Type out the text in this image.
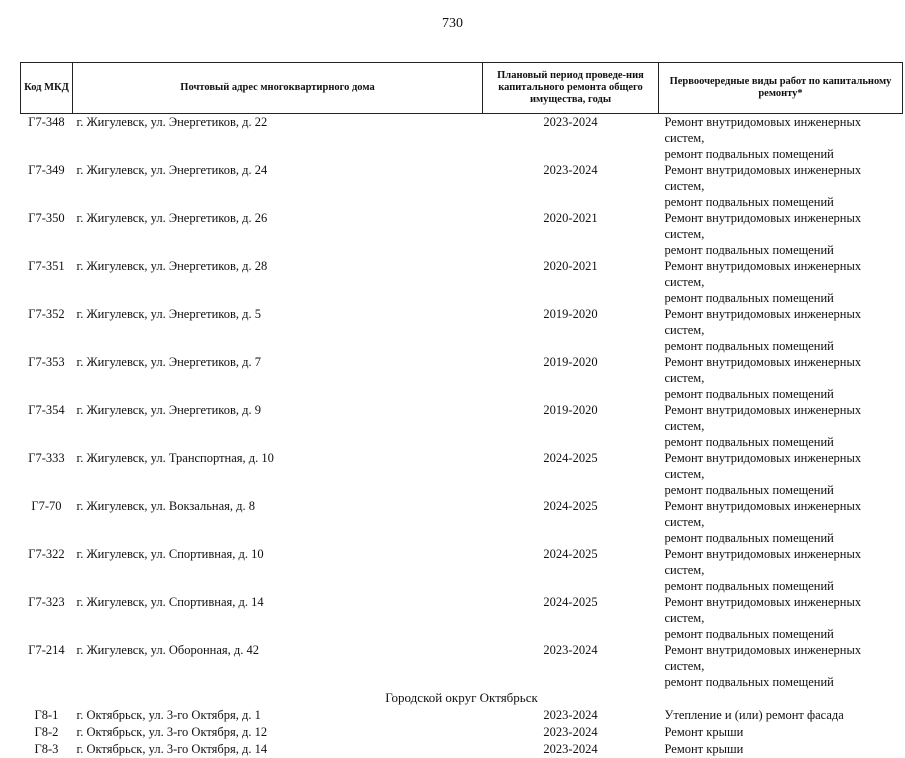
730
Код МКД	Почтовый адрес многоквартирного дома	Плановый период проведе-ния капитального ремонта общего имущества, годы	Первоочередные виды работ по капитальному ремонту*
Г7-348	г. Жигулевск, ул. Энергетиков, д. 22	2023-2024	Ремонт внутридомовых инженерных систем,
ремонт подвальных помещений

Г7-349	г. Жигулевск, ул. Энергетиков, д. 24	2023-2024	Ремонт внутридомовых инженерных систем,
ремонт подвальных помещений

Г7-350	г. Жигулевск, ул. Энергетиков, д. 26	2020-2021	Ремонт внутридомовых инженерных систем,
ремонт подвальных помещений

Г7-351	г. Жигулевск, ул. Энергетиков, д. 28	2020-2021	Ремонт внутридомовых инженерных систем,
ремонт подвальных помещений

Г7-352	г. Жигулевск, ул. Энергетиков, д. 5	2019-2020	Ремонт внутридомовых инженерных систем,
ремонт подвальных помещений

Г7-353	г. Жигулевск, ул. Энергетиков, д. 7	2019-2020	Ремонт внутридомовых инженерных систем,
ремонт подвальных помещений

Г7-354	г. Жигулевск, ул. Энергетиков, д. 9	2019-2020	Ремонт внутридомовых инженерных систем,
ремонт подвальных помещений

Г7-333	г. Жигулевск, ул. Транспортная, д. 10	2024-2025	Ремонт внутридомовых инженерных систем,
ремонт подвальных помещений

Г7-70	г. Жигулевск, ул. Вокзальная, д. 8	2024-2025	Ремонт внутридомовых инженерных систем,
ремонт подвальных помещений

Г7-322	г. Жигулевск, ул. Спортивная, д. 10	2024-2025	Ремонт внутридомовых инженерных систем,
ремонт подвальных помещений

Г7-323	г. Жигулевск, ул. Спортивная, д. 14	2024-2025	Ремонт внутридомовых инженерных систем,
ремонт подвальных помещений

Г7-214	г. Жигулевск, ул. Оборонная, д. 42	2023-2024	Ремонт внутридомовых инженерных систем,
ремонт подвальных помещений

Городской округ Октябрьск			
Г8-1	г. Октябрьск, ул. 3-го Октября, д. 1	2023-2024	Утепление и (или) ремонт фасада
Г8-2	г. Октябрьск, ул. 3-го Октября, д. 12	2023-2024	Ремонт крыши
Г8-3	г. Октябрьск, ул. 3-го Октября, д. 14	2023-2024	Ремонт крыши
